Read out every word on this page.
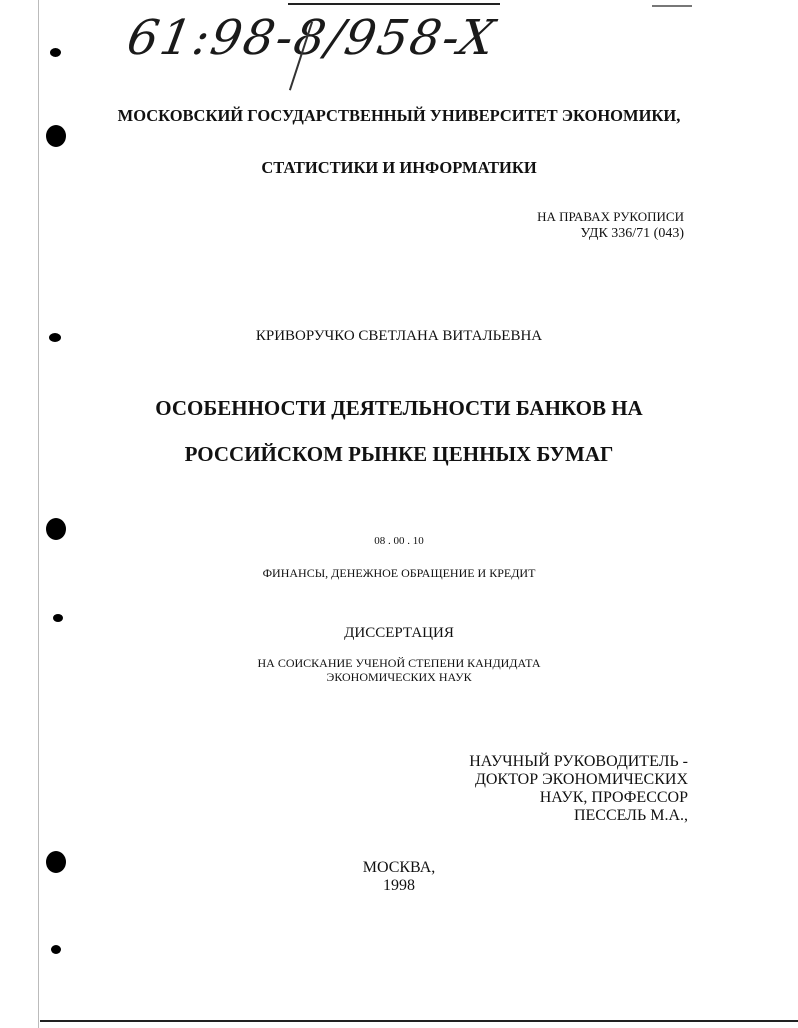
61:98-8/958-X
МОСКОВСКИЙ ГОСУДАРСТВЕННЫЙ УНИВЕРСИТЕТ ЭКОНОМИКИ,
СТАТИСТИКИ И ИНФОРМАТИКИ
НА ПРАВАХ РУКОПИСИ
УДК 336/71 (043)
КРИВОРУЧКО СВЕТЛАНА ВИТАЛЬЕВНА
ОСОБЕННОСТИ ДЕЯТЕЛЬНОСТИ БАНКОВ НА
РОССИЙСКОМ РЫНКЕ ЦЕННЫХ БУМАГ
08 . 00 . 10
ФИНАНСЫ, ДЕНЕЖНОЕ ОБРАЩЕНИЕ И КРЕДИТ
ДИССЕРТАЦИЯ
НА СОИСКАНИЕ УЧЕНОЙ СТЕПЕНИ КАНДИДАТА
ЭКОНОМИЧЕСКИХ НАУК
НАУЧНЫЙ РУКОВОДИТЕЛЬ -
ДОКТОР ЭКОНОМИЧЕСКИХ
НАУК, ПРОФЕССОР
ПЕССЕЛЬ М.А.,
МОСКВА,
1998
